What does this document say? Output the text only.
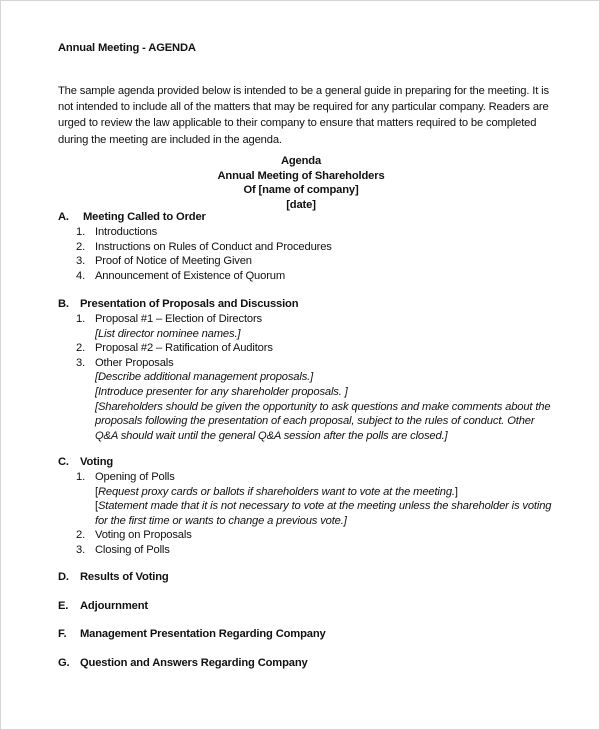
Annual Meeting - AGENDA
The sample agenda provided below is intended to be a general guide in preparing for the meeting. It is
not intended to include all of the matters that may be required for any particular company. Readers are
urged to review the law applicable to their company to ensure that matters required to be completed
during the meeting are included in the agenda.
Agenda
Annual Meeting of Shareholders
Of [name of company]
[date]
A. Meeting Called to Order
1. Introductions
2. Instructions on Rules of Conduct and Procedures
3. Proof of Notice of Meeting Given
4. Announcement of Existence of Quorum
B. Presentation of Proposals and Discussion
1. Proposal #1 – Election of Directors
[List director nominee names.]
2. Proposal #2 – Ratification of Auditors
3. Other Proposals
[Describe additional management proposals.]
[Introduce presenter for any shareholder proposals. ]
[Shareholders should be given the opportunity to ask questions and make comments about the
proposals following the presentation of each proposal, subject to the rules of conduct. Other
Q&A should wait until the general Q&A session after the polls are closed.]
C. Voting
1. Opening of Polls
[Request proxy cards or ballots if shareholders want to vote at the meeting.]
[Statement made that it is not necessary to vote at the meeting unless the shareholder is voting
for the first time or wants to change a previous vote.]
2. Voting on Proposals
3. Closing of Polls
D. Results of Voting
E. Adjournment
F. Management Presentation Regarding Company
G. Question and Answers Regarding Company
